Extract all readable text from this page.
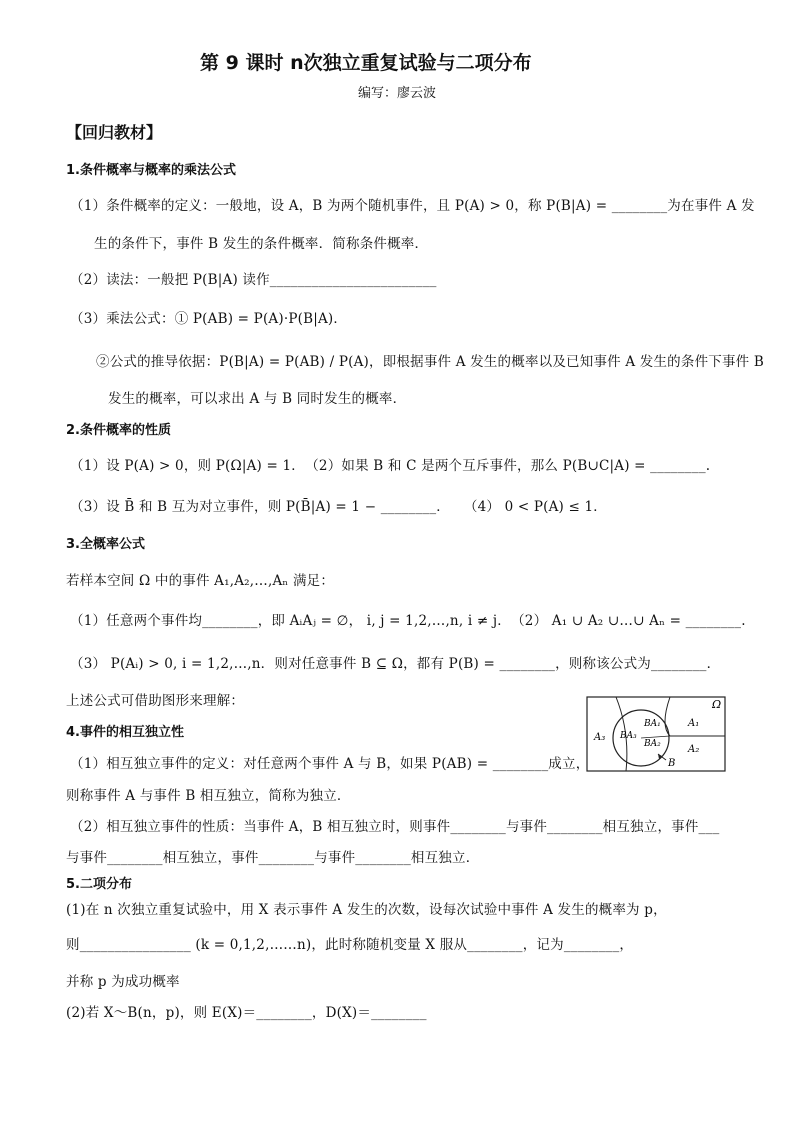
第 9 课时 n次独立重复试验与二项分布
编写：廖云波
【回归教材】
1.条件概率与概率的乘法公式
（1）条件概率的定义：一般地，设 A，B 为两个随机事件，且 P(A) > 0，称 P(B|A) = ________为在事件 A 发
生的条件下，事件 B 发生的条件概率．简称条件概率．
（2）读法：一般把 P(B|A) 读作________________________
（3）乘法公式：① P(AB) = P(A)·P(B|A)．
②公式的推导依据：P(B|A) = P(AB) / P(A)，即根据事件 A 发生的概率以及已知事件 A 发生的条件下事件 B
发生的概率，可以求出 A 与 B 同时发生的概率．
2.条件概率的性质
（1）设 P(A) > 0，则 P(Ω|A) = 1．　（2）如果 B 和 C 是两个互斥事件，那么 P(B∪C|A) = ________.
（3）设 B̄ 和 B 互为对立事件，则 P(B̄|A) = 1 − ________．　　（4） 0 < P(A) ≤ 1．
3.全概率公式
若样本空间 Ω 中的事件 A₁,A₂,…,Aₙ 满足：
（1）任意两个事件均________，即 AᵢAⱼ = ∅， i, j = 1,2,…,n, i ≠ j．　（2） A₁ ∪ A₂ ∪…∪ Aₙ = ________.
（3） P(Aᵢ) > 0, i = 1,2,…,n．则对任意事件 B ⊆ Ω，都有 P(B) = ________，则称该公式为________．
上述公式可借助图形来理解：	Ω
A₁
A₂
A₃
BA₁
BA₂
BA₃
B
4.事件的相互独立性
（1）相互独立事件的定义：对任意两个事件 A 与 B，如果 P(AB) = ________成立，
则称事件 A 与事件 B 相互独立，简称为独立．
（2）相互独立事件的性质：当事件 A，B 相互独立时，则事件________与事件________相互独立，事件___
与事件________相互独立，事件________与事件________相互独立．
5.二项分布
(1)在 n 次独立重复试验中，用 X 表示事件 A 发生的次数，设每次试验中事件 A 发生的概率为 p，
则________________ (k = 0,1,2,……n)，此时称随机变量 X 服从________，记为________，
并称 p 为成功概率
(2)若 X～B(n，p)，则 E(X)＝________，D(X)＝________
